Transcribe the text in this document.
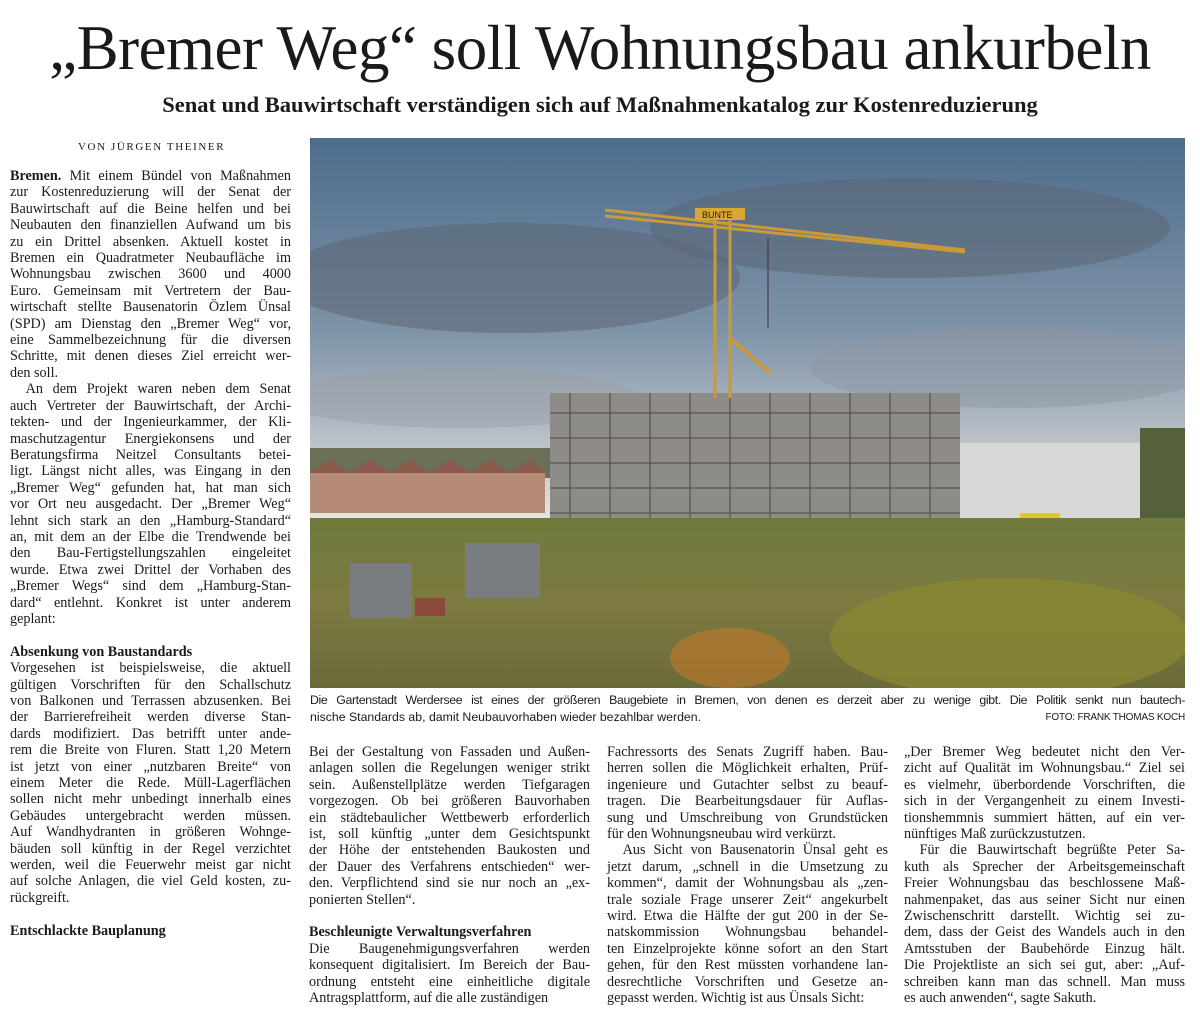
„Bremer Weg“ soll Wohnungsbau ankurbeln
Senat und Bauwirtschaft verständigen sich auf Maßnahmenkatalog zur Kostenreduzierung
VON JÜRGEN THEINER
Bremen. Mit einem Bündel von Maßnahmen
zur Kostenreduzierung will der Senat der
Bauwirtschaft auf die Beine helfen und bei
Neubauten den finanziellen Aufwand um bis
zu ein Drittel absenken. Aktuell kostet in
Bremen ein Quadratmeter Neubaufläche im
Wohnungsbau zwischen 3600 und 4000
Euro. Gemeinsam mit Vertretern der Bau-
wirtschaft stellte Bausenatorin Özlem Ünsal
(SPD) am Dienstag den „Bremer Weg“ vor,
eine Sammelbezeichnung für die diversen
Schritte, mit denen dieses Ziel erreicht wer-
den soll.
An dem Projekt waren neben dem Senat
auch Vertreter der Bauwirtschaft, der Archi-
tekten- und der Ingenieurkammer, der Kli-
maschutzagentur Energiekonsens und der
Beratungsfirma Neitzel Consultants betei-
ligt. Längst nicht alles, was Eingang in den
„Bremer Weg“ gefunden hat, hat man sich
vor Ort neu ausgedacht. Der „Bremer Weg“
lehnt sich stark an den „Hamburg-Standard“
an, mit dem an der Elbe die Trendwende bei
den Bau-Fertigstellungszahlen eingeleitet
wurde. Etwa zwei Drittel der Vorhaben des
„Bremer Wegs“ sind dem „Hamburg-Stan-
dard“ entlehnt. Konkret ist unter anderem
geplant:
Absenkung von Baustandards
Vorgesehen ist beispielsweise, die aktuell
gültigen Vorschriften für den Schallschutz
von Balkonen und Terrassen abzusenken. Bei
der Barrierefreiheit werden diverse Stan-
dards modifiziert. Das betrifft unter ande-
rem die Breite von Fluren. Statt 1,20 Metern
ist jetzt von einer „nutzbaren Breite“ von
einem Meter die Rede. Müll-Lagerflächen
sollen nicht mehr unbedingt innerhalb eines
Gebäudes untergebracht werden müssen.
Auf Wandhydranten in größeren Wohnge-
bäuden soll künftig in der Regel verzichtet
werden, weil die Feuerwehr meist gar nicht
auf solche Anlagen, die viel Geld kosten, zu-
rückgreift.
Entschlackte Bauplanung
BUNTE
Die Gartenstadt Werdersee ist eines der größeren Baugebiete in Bremen, von denen es derzeit aber zu wenige gibt. Die Politik senkt nun bautech-
nische Standards ab, damit Neubauvorhaben wieder bezahlbar werden.	FOTO: FRANK THOMAS KOCH
Bei der Gestaltung von Fassaden und Außen-
anlagen sollen die Regelungen weniger strikt
sein. Außenstellplätze werden Tiefgaragen
vorgezogen. Ob bei größeren Bauvorhaben
ein städtebaulicher Wettbewerb erforderlich
ist, soll künftig „unter dem Gesichtspunkt
der Höhe der entstehenden Baukosten und
der Dauer des Verfahrens entschieden“ wer-
den. Verpflichtend sind sie nur noch an „ex-
ponierten Stellen“.
Beschleunigte Verwaltungsverfahren
Die Baugenehmigungsverfahren werden
konsequent digitalisiert. Im Bereich der Bau-
ordnung entsteht eine einheitliche digitale
Antragsplattform, auf die alle zuständigen
Fachressorts des Senats Zugriff haben. Bau-
herren sollen die Möglichkeit erhalten, Prüf-
ingenieure und Gutachter selbst zu beauf-
tragen. Die Bearbeitungsdauer für Auflas-
sung und Umschreibung von Grundstücken
für den Wohnungsneubau wird verkürzt.
Aus Sicht von Bausenatorin Ünsal geht es
jetzt darum, „schnell in die Umsetzung zu
kommen“, damit der Wohnungsbau als „zen-
trale soziale Frage unserer Zeit“ angekurbelt
wird. Etwa die Hälfte der gut 200 in der Se-
natskommission Wohnungsbau behandel-
ten Einzelprojekte könne sofort an den Start
gehen, für den Rest müssten vorhandene lan-
desrechtliche Vorschriften und Gesetze an-
gepasst werden. Wichtig ist aus Ünsals Sicht:
„Der Bremer Weg bedeutet nicht den Ver-
zicht auf Qualität im Wohnungsbau.“ Ziel sei
es vielmehr, überbordende Vorschriften, die
sich in der Vergangenheit zu einem Investi-
tionshemmnis summiert hätten, auf ein ver-
nünftiges Maß zurückzustutzen.
Für die Bauwirtschaft begrüßte Peter Sa-
kuth als Sprecher der Arbeitsgemeinschaft
Freier Wohnungsbau das beschlossene Maß-
nahmenpaket, das aus seiner Sicht nur einen
Zwischenschritt darstellt. Wichtig sei zu-
dem, dass der Geist des Wandels auch in den
Amtsstuben der Baubehörde Einzug hält.
Die Projektliste an sich sei gut, aber: „Auf-
schreiben kann man das schnell. Man muss
es auch anwenden“, sagte Sakuth.
